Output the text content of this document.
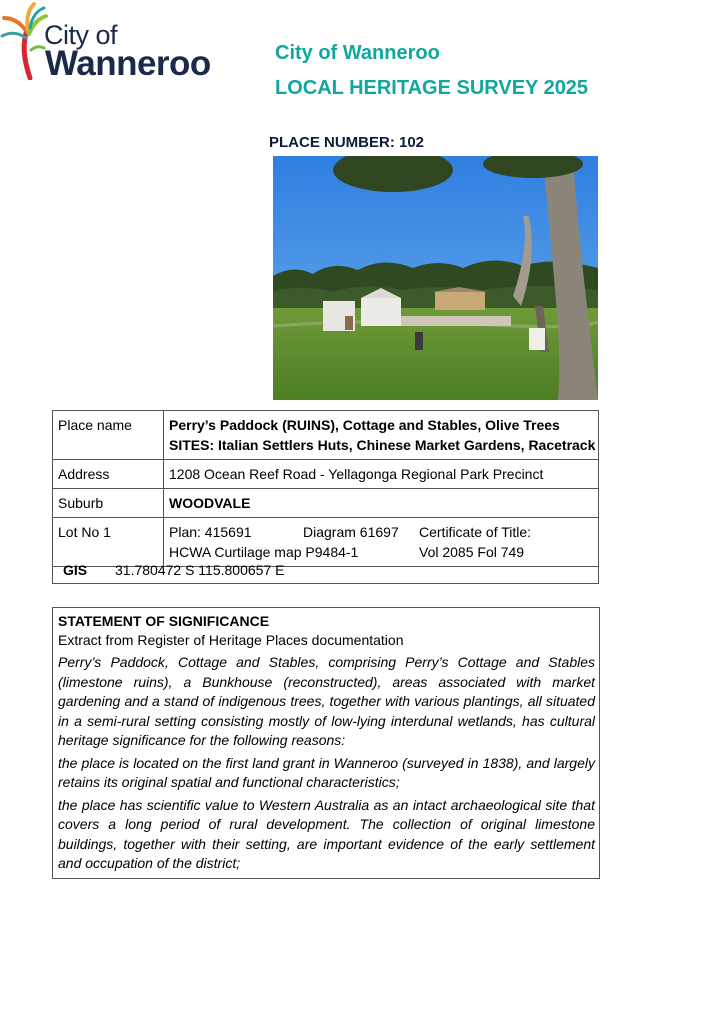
City of
Wanneroo	City of Wanneroo
LOCAL HERITAGE SURVEY 2025
PLACE NUMBER: 102
Place name	Perry’s Paddock (RUINS), Cottage and Stables, Olive Trees
SITES: Italian Settlers Huts, Chinese Market Gardens, Racetrack

Address	1208 Ocean Reef Road - Yellagonga Regional Park Precinct

Suburb	WOODVALE

Lot No 1	Plan: 415691 Diagram 61697 Certificate of Title:
HCWA Curtilage map P9484-1 Vol 2085 Fol 749
GIS 31.780472 S 115.800657 E

STATEMENT OF SIGNIFICANCE

Extract from Register of Heritage Places documentation

Perry’s Paddock, Cottage and Stables, comprising Perry’s Cottage and Stables (limestone ruins), a Bunkhouse (reconstructed), areas associated with market gardening and a stand of indigenous trees, together with various plantings, all situated in a semi-rural setting consisting mostly of low-lying interdunal wetlands, has cultural heritage significance for the following reasons:

the place is located on the first land grant in Wanneroo (surveyed in 1838), and largely retains its original spatial and functional characteristics;

the place has scientific value to Western Australia as an intact archaeological site that covers a long period of rural development. The collection of original limestone buildings, together with their setting, are important evidence of the early settlement and occupation of the district;
